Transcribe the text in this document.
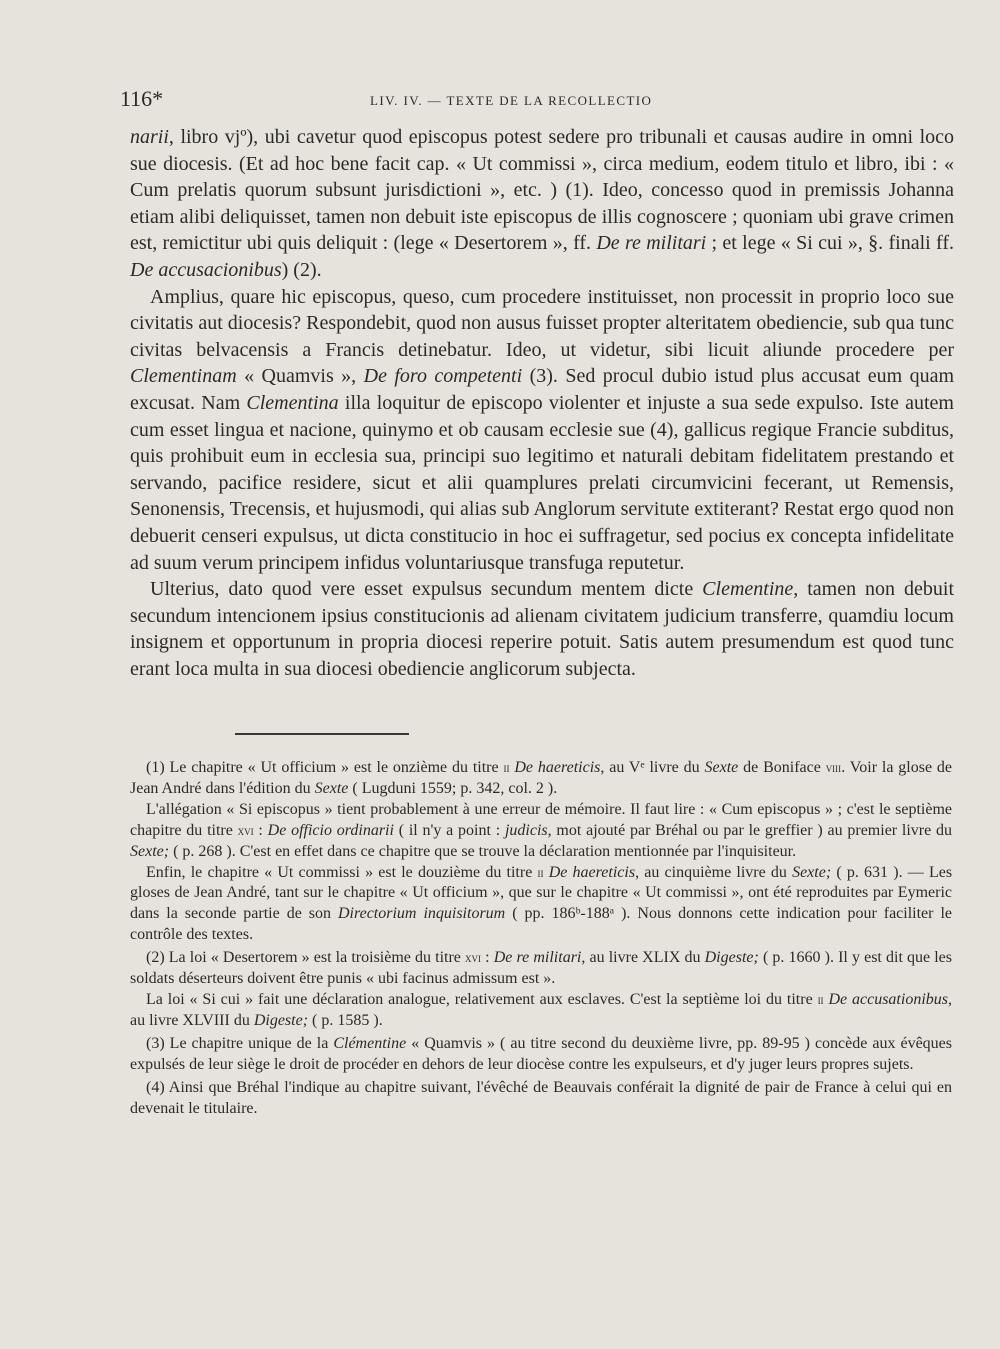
116*	LIV. IV. — TEXTE DE LA RECOLLECTIO

narii, libro vjº), ubi cavetur quod episcopus potest sedere pro tribunali et causas audire in omni loco sue diocesis. (Et ad hoc bene facit cap. « Ut commissi », circa medium, eodem titulo et libro, ibi : « Cum prelatis quorum subsunt jurisdictioni », etc. ) (1). Ideo, concesso quod in premissis Johanna etiam alibi deliquisset, tamen non debuit iste episcopus de illis cognoscere ; quoniam ubi grave crimen est, remictitur ubi quis deliquit : (lege « Desertorem », ff. De re militari ; et lege « Si cui », §. finali ff. De accusacionibus) (2).

Amplius, quare hic episcopus, queso, cum procedere instituisset, non processit in proprio loco sue civitatis aut diocesis? Respondebit, quod non ausus fuisset propter alteritatem obediencie, sub qua tunc civitas belvacensis a Francis detinebatur. Ideo, ut videtur, sibi licuit aliunde procedere per Clementinam « Quamvis », De foro competenti (3). Sed procul dubio istud plus accusat eum quam excusat. Nam Clementina illa loquitur de episcopo violenter et injuste a sua sede expulso. Iste autem cum esset lingua et nacione, quinymo et ob causam ecclesie sue (4), gallicus regique Francie subditus, quis prohibuit eum in ecclesia sua, principi suo legitimo et naturali debitam fidelitatem prestando et servando, pacifice residere, sicut et alii quamplures prelati circumvicini fecerant, ut Remensis, Senonensis, Trecensis, et hujusmodi, qui alias sub Anglorum servitute extiterant? Restat ergo quod non debuerit censeri expulsus, ut dicta constitucio in hoc ei suffragetur, sed pocius ex concepta infidelitate ad suum verum principem infidus voluntariusque transfuga reputetur.

Ulterius, dato quod vere esset expulsus secundum mentem dicte Clementine, tamen non debuit secundum intencionem ipsius constitucionis ad alienam civitatem judicium transferre, quamdiu locum insignem et opportunum in propria diocesi reperire potuit. Satis autem presumendum est quod tunc erant loca multa in sua diocesi obediencie anglicorum subjecta.

(1) Le chapitre « Ut officium » est le onzième du titre ii De haereticis, au Vᵉ livre du Sexte de Boniface viii. Voir la glose de Jean André dans l'édition du Sexte ( Lugduni 1559; p. 342, col. 2 ).

L'allégation « Si episcopus » tient probablement à une erreur de mémoire. Il faut lire : « Cum episcopus » ; c'est le septième chapitre du titre xvi : De officio ordinarii ( il n'y a point : judicis, mot ajouté par Bréhal ou par le greffier ) au premier livre du Sexte; ( p. 268 ). C'est en effet dans ce chapitre que se trouve la déclaration mentionnée par l'inquisiteur.

Enfin, le chapitre « Ut commissi » est le douzième du titre ii De haereticis, au cinquième livre du Sexte; ( p. 631 ). — Les gloses de Jean André, tant sur le chapitre « Ut officium », que sur le chapitre « Ut commissi », ont été reproduites par Eymeric dans la seconde partie de son Directorium inquisitorum ( pp. 186ᵇ-188ᵃ ). Nous donnons cette indication pour faciliter le contrôle des textes.

(2) La loi « Desertorem » est la troisième du titre xvi : De re militari, au livre XLIX du Digeste; ( p. 1660 ). Il y est dit que les soldats déserteurs doivent être punis « ubi facinus admissum est ».

La loi « Si cui » fait une déclaration analogue, relativement aux esclaves. C'est la septième loi du titre ii De accusationibus, au livre XLVIII du Digeste; ( p. 1585 ).

(3) Le chapitre unique de la Clémentine « Quamvis » ( au titre second du deuxième livre, pp. 89-95 ) concède aux évêques expulsés de leur siège le droit de procéder en dehors de leur diocèse contre les expulseurs, et d'y juger leurs propres sujets.

(4) Ainsi que Bréhal l'indique au chapitre suivant, l'évêché de Beauvais conférait la dignité de pair de France à celui qui en devenait le titulaire.
